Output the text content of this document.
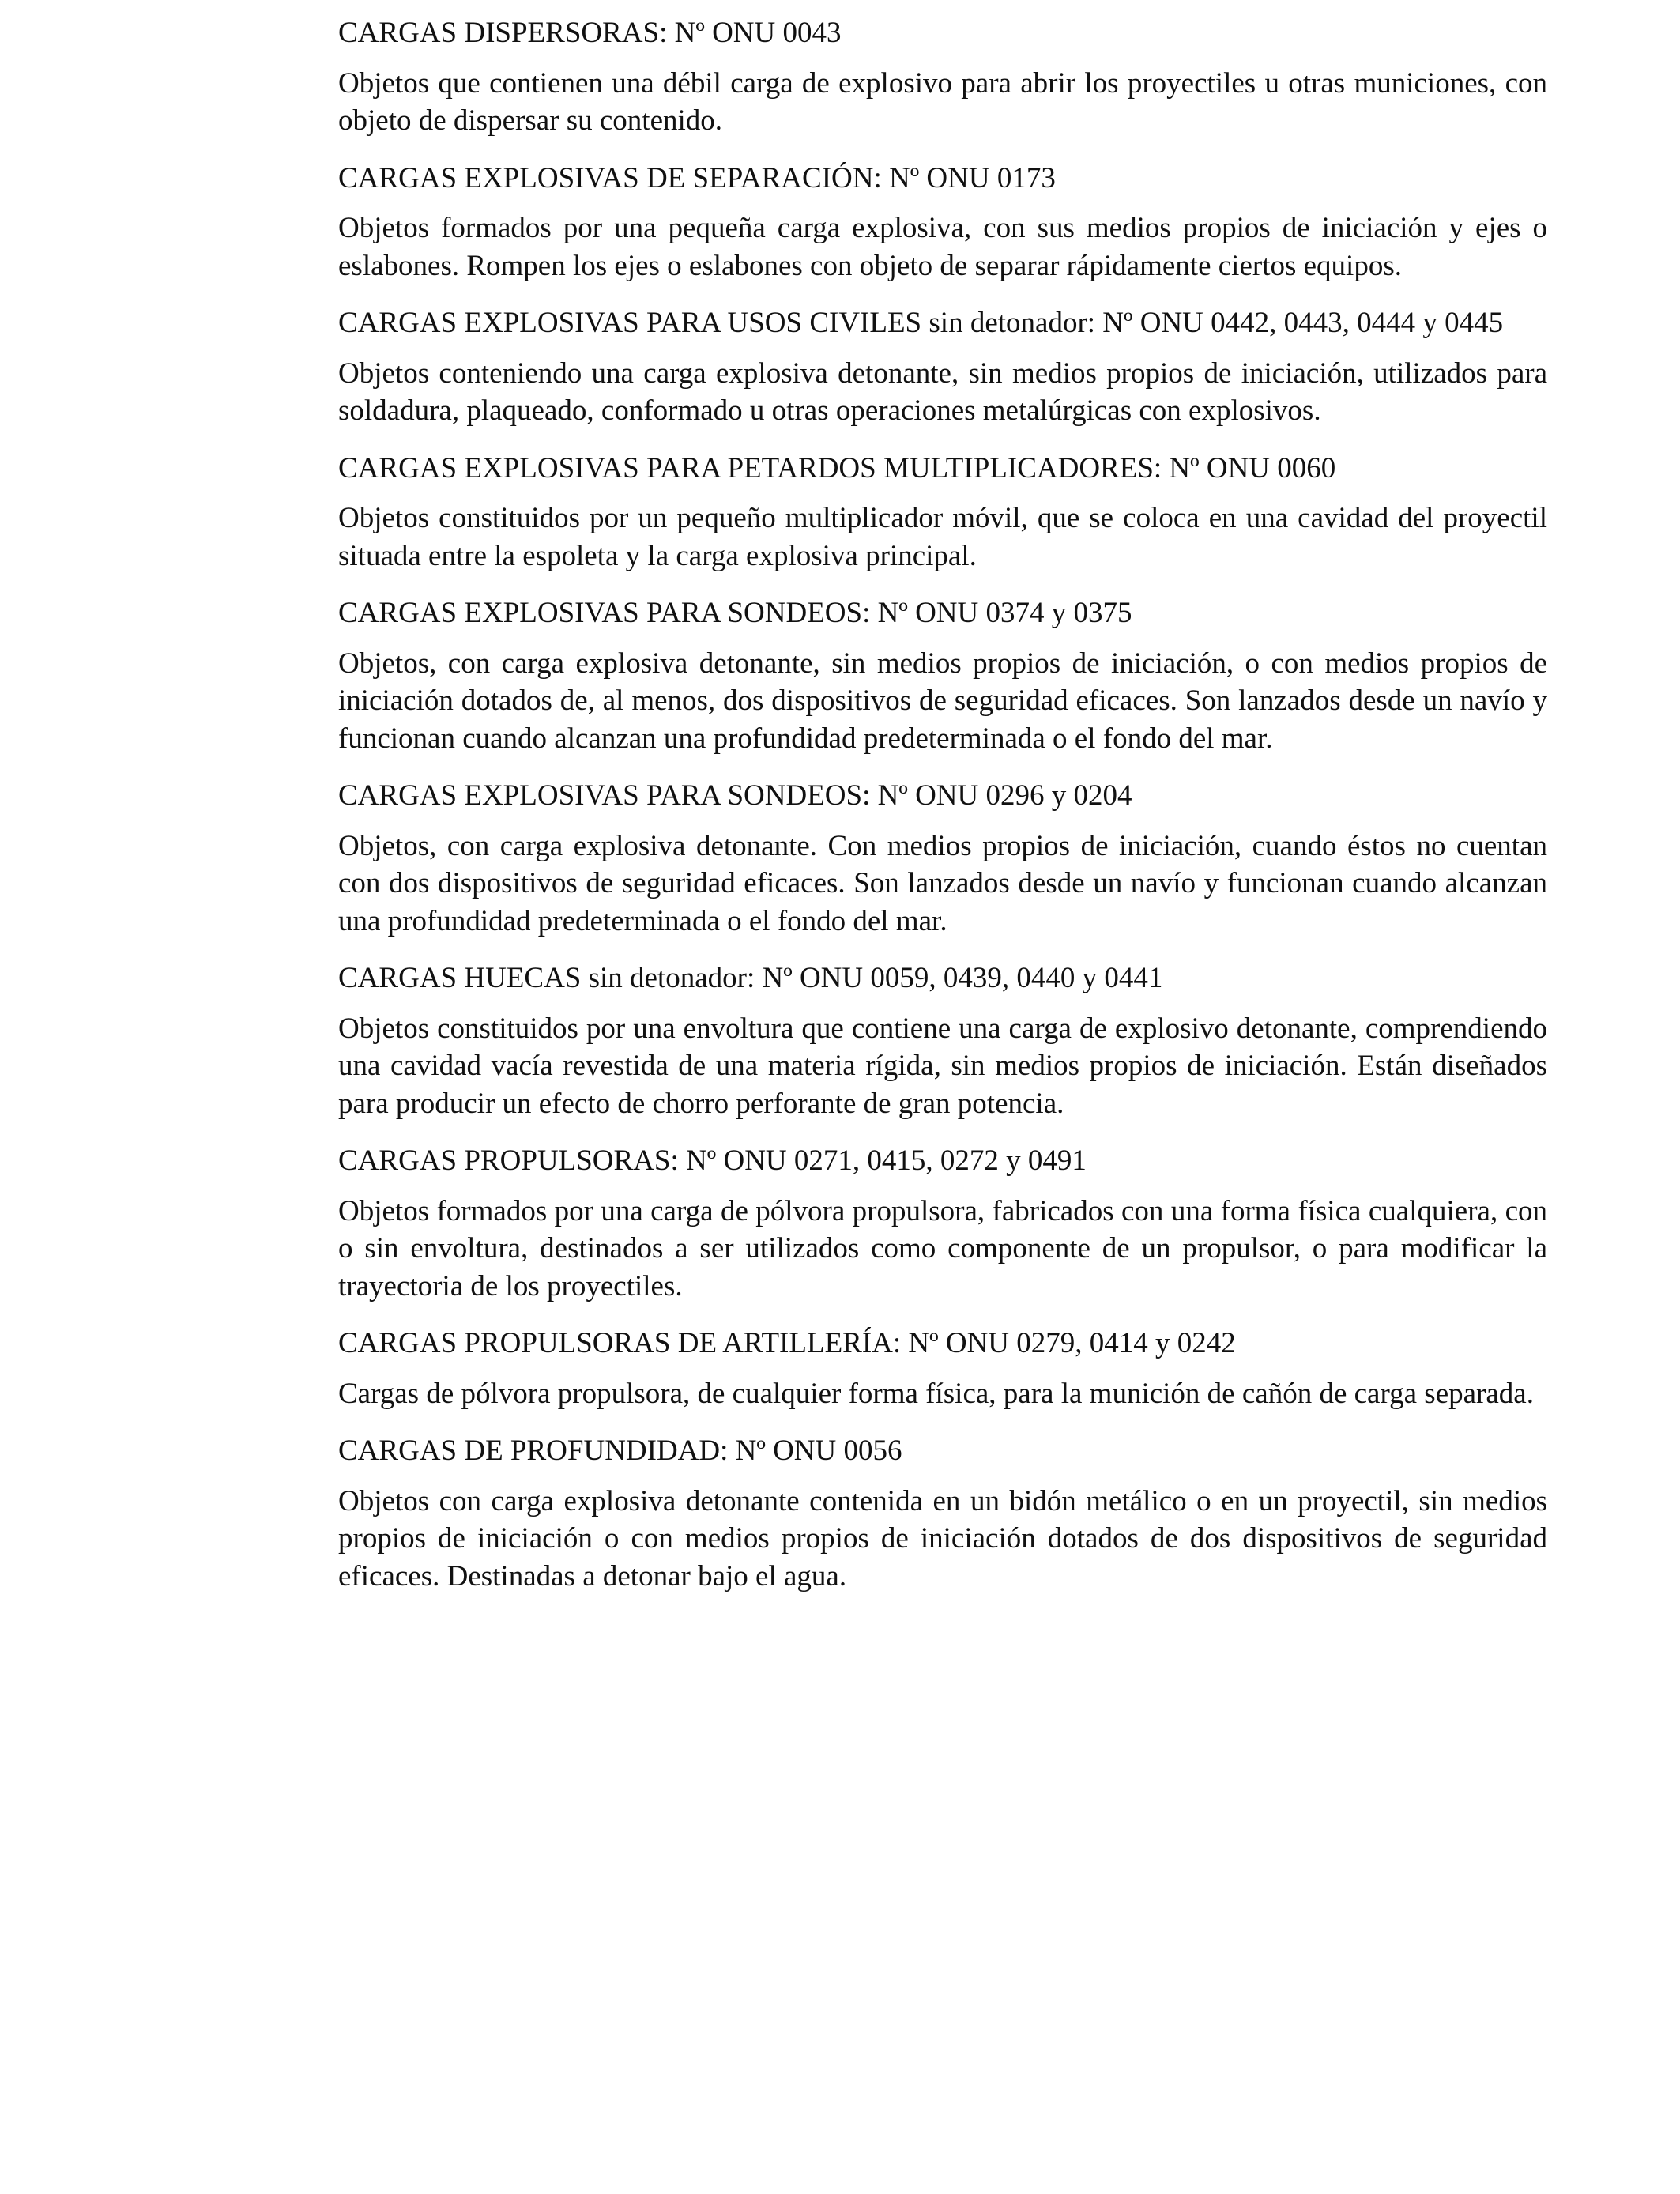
CARGAS DISPERSORAS: Nº ONU 0043

Objetos que contienen una débil carga de explosivo para abrir los proyectiles u otras municiones, con objeto de dispersar su contenido.

CARGAS EXPLOSIVAS DE SEPARACIÓN: Nº ONU 0173

Objetos formados por una pequeña carga explosiva, con sus medios propios de iniciación y ejes o eslabones. Rompen los ejes o eslabones con objeto de separar rápidamente ciertos equipos.

CARGAS EXPLOSIVAS PARA USOS CIVILES sin detonador: Nº ONU 0442, 0443, 0444 y 0445

Objetos conteniendo una carga explosiva detonante, sin medios propios de iniciación, utilizados para soldadura, plaqueado, conformado u otras operaciones metalúrgicas con explosivos.

CARGAS EXPLOSIVAS PARA PETARDOS MULTIPLICADORES: Nº ONU 0060

Objetos constituidos por un pequeño multiplicador móvil, que se coloca en una cavidad del proyectil situada entre la espoleta y la carga explosiva principal.

CARGAS EXPLOSIVAS PARA SONDEOS: Nº ONU 0374 y 0375

Objetos, con carga explosiva detonante, sin medios propios de iniciación, o con medios propios de iniciación dotados de, al menos, dos dispositivos de seguridad eficaces. Son lanzados desde un navío y funcionan cuando alcanzan una profundidad predeterminada o el fondo del mar.

CARGAS EXPLOSIVAS PARA SONDEOS: Nº ONU 0296 y 0204

Objetos, con carga explosiva detonante. Con medios propios de iniciación, cuando éstos no cuentan con dos dispositivos de seguridad eficaces. Son lanzados desde un navío y funcionan cuando alcanzan una profundidad predeterminada o el fondo del mar.

CARGAS HUECAS sin detonador: Nº ONU 0059, 0439, 0440 y 0441

Objetos constituidos por una envoltura que contiene una carga de explosivo detonante, comprendiendo una cavidad vacía revestida de una materia rígida, sin medios propios de iniciación. Están diseñados para producir un efecto de chorro perforante de gran potencia.

CARGAS PROPULSORAS: Nº ONU 0271, 0415, 0272 y 0491

Objetos formados por una carga de pólvora propulsora, fabricados con una forma física cualquiera, con o sin envoltura, destinados a ser utilizados como componente de un propulsor, o para modificar la trayectoria de los proyectiles.

CARGAS PROPULSORAS DE ARTILLERÍA: Nº ONU 0279, 0414 y 0242

Cargas de pólvora propulsora, de cualquier forma física, para la munición de cañón de carga separada.

CARGAS DE PROFUNDIDAD: Nº ONU 0056

Objetos con carga explosiva detonante contenida en un bidón metálico o en un proyectil, sin medios propios de iniciación o con medios propios de iniciación dotados de dos dispositivos de seguridad eficaces. Destinadas a detonar bajo el agua.
